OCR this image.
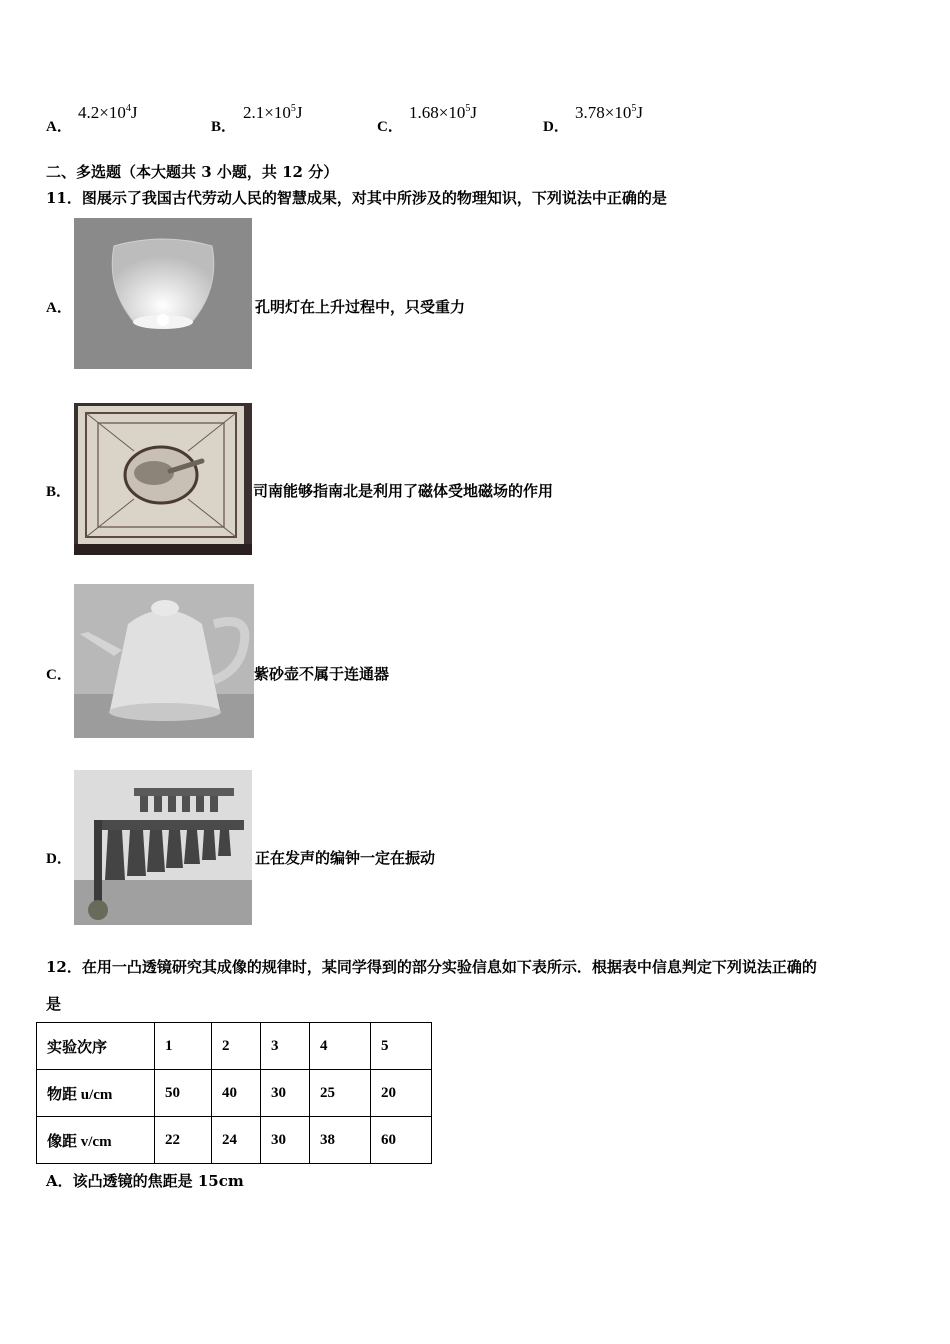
A．
$4.2\times 10^4J$
B．
$2.1\times 10^5J$
C．
$1.68\times 10^5J$
D．
$3.78\times 10^5J$
二、多选题（本大题共 3 小题，共 12 分）
11．图展示了我国古代劳动人民的智慧成果，对其中所涉及的物理知识，下列说法中正确的是
A．	孔明灯在上升过程中，只受重力
B．	司南能够指南北是利用了磁体受地磁场的作用
C．	紫砂壶不属于连通器
D．	正在发声的编钟一定在振动
12．在用一凸透镜研究其成像的规律时，某同学得到的部分实验信息如下表所示．根据表中信息判定下列说法正确的
是
实验次序	1	2	3	4	5
物距 u/cm	50	40	30	25	20
像距 v/cm	22	24	30	38	60
A．该凸透镜的焦距是 15cm
